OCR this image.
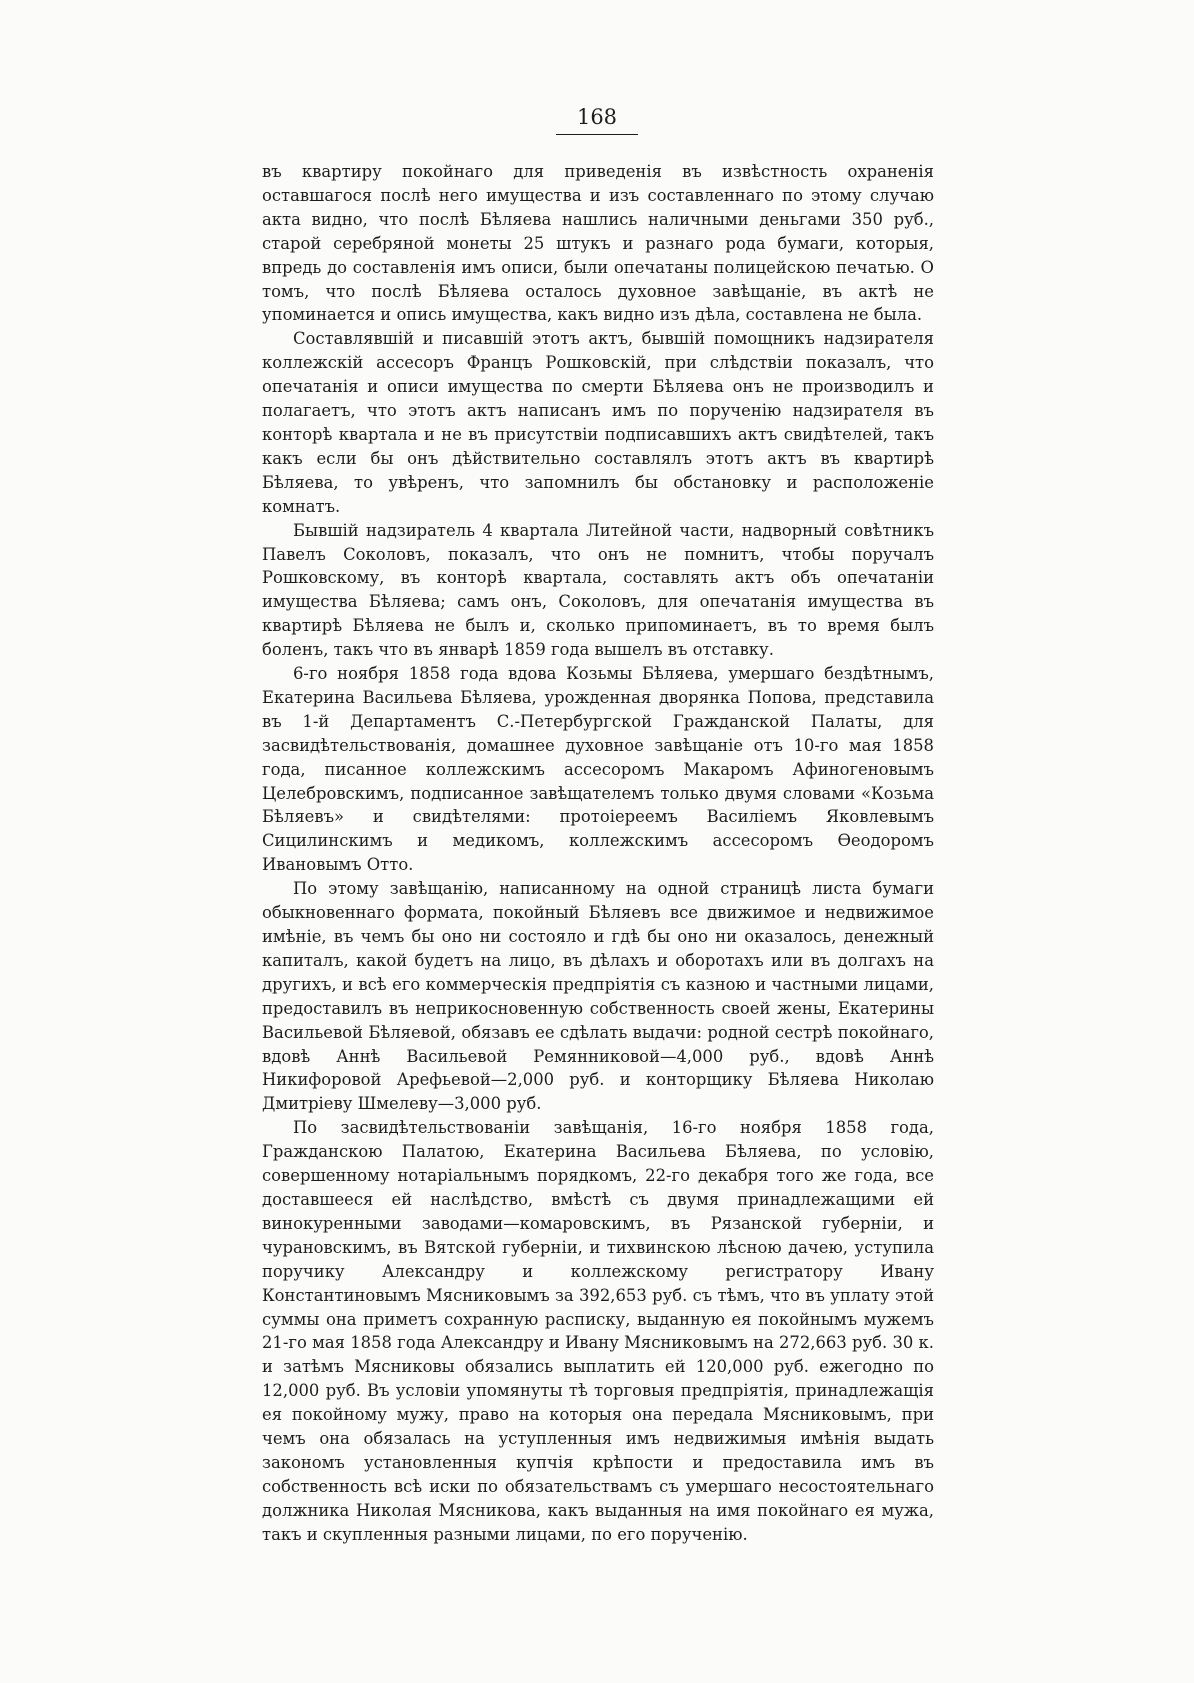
168

въ квартиру покойнаго для приведенія въ извѣстность охраненія оставшагося послѣ него имущества и изъ составленнаго по этому случаю акта видно, что послѣ Бѣляева нашлись наличными деньгами 350 руб., старой серебряной монеты 25 штукъ и разнаго рода бумаги, которыя, впредь до составленія имъ описи, были опечатаны полицейскою печатью. О томъ, что послѣ Бѣляева осталось духовное завѣщаніе, въ актѣ не упоминается и опись имущества, какъ видно изъ дѣла, составлена не была.

Составлявшій и писавшій этотъ актъ, бывшій помощникъ надзирателя коллежскій ассесоръ Францъ Рошковскій, при слѣдствіи показалъ, что опечатанія и описи имущества по смерти Бѣляева онъ не производилъ и полагаетъ, что этотъ актъ написанъ имъ по порученію надзирателя въ конторѣ квартала и не въ присутствіи подписавшихъ актъ свидѣтелей, такъ какъ если бы онъ дѣйствительно составлялъ этотъ актъ въ квартирѣ Бѣляева, то увѣренъ, что запомнилъ бы обстановку и расположеніе комнатъ.

Бывшій надзиратель 4 квартала Литейной части, надворный совѣтникъ Павелъ Соколовъ, показалъ, что онъ не помнитъ, чтобы поручалъ Рошковскому, въ конторѣ квартала, составлять актъ объ опечатаніи имущества Бѣляева; самъ онъ, Соколовъ, для опечатанія имущества въ квартирѣ Бѣляева не былъ и, сколько припоминаетъ, въ то время былъ боленъ, такъ что въ январѣ 1859 года вышелъ въ отставку.

6-го ноября 1858 года вдова Козьмы Бѣляева, умершаго бездѣтнымъ, Екатерина Васильева Бѣляева, урожденная дворянка Попова, представила въ 1-й Департаментъ С.-Петербургской Гражданской Палаты, для засвидѣтельствованія, домашнее духовное завѣщаніе отъ 10-го мая 1858 года, писанное коллежскимъ ассесоромъ Макаромъ Афиногеновымъ Целебровскимъ, подписанное завѣщателемъ только двумя словами «Козьма Бѣляевъ» и свидѣтелями: протоіереемъ Василіемъ Яковлевымъ Сицилинскимъ и медикомъ, коллежскимъ ассесоромъ Ѳеодоромъ Ивановымъ Отто.

По этому завѣщанію, написанному на одной страницѣ листа бумаги обыкновеннаго формата, покойный Бѣляевъ все движимое и недвижимое имѣніе, въ чемъ бы оно ни состояло и гдѣ бы оно ни оказалось, денежный капиталъ, какой будетъ на лицо, въ дѣлахъ и оборотахъ или въ долгахъ на другихъ, и всѣ его коммерческія предпріятія съ казною и частными лицами, предоставилъ въ неприкосновенную собственность своей жены, Екатерины Васильевой Бѣляевой, обязавъ ее сдѣлать выдачи: родной сестрѣ покойнаго, вдовѣ Аннѣ Васильевой Ремянниковой—4,000 руб., вдовѣ Аннѣ Никифоровой Арефьевой—2,000 руб. и конторщику Бѣляева Николаю Дмитріеву Шмелеву—3,000 руб.

По засвидѣтельствованіи завѣщанія, 16-го ноября 1858 года, Гражданскою Палатою, Екатерина Васильева Бѣляева, по условію, совершенному нотаріальнымъ порядкомъ, 22-го декабря того же года, все доставшееся ей наслѣдство, вмѣстѣ съ двумя принадлежащими ей винокуренными заводами—комаровскимъ, въ Рязанской губерніи, и чурановскимъ, въ Вятской губерніи, и тихвинскою лѣсною дачею, уступила поручику Александру и коллежскому регистратору Ивану Константиновымъ Мясниковымъ за 392,653 руб. съ тѣмъ, что въ уплату этой суммы она приметъ сохранную расписку, выданную ея покойнымъ мужемъ 21-го мая 1858 года Александру и Ивану Мясниковымъ на 272,663 руб. 30 к. и затѣмъ Мясниковы обязались выплатить ей 120,000 руб. ежегодно по 12,000 руб. Въ условіи упомянуты тѣ торговыя предпріятія, принадлежащія ея покойному мужу, право на которыя она передала Мясниковымъ, при чемъ она обязалась на уступленныя имъ недвижимыя имѣнія выдать закономъ установленныя купчія крѣпости и предоставила имъ въ собственность всѣ иски по обязательствамъ съ умершаго несостоятельнаго должника Николая Мясникова, какъ выданныя на имя покойнаго ея мужа, такъ и скупленныя разными лицами, по его порученію.
